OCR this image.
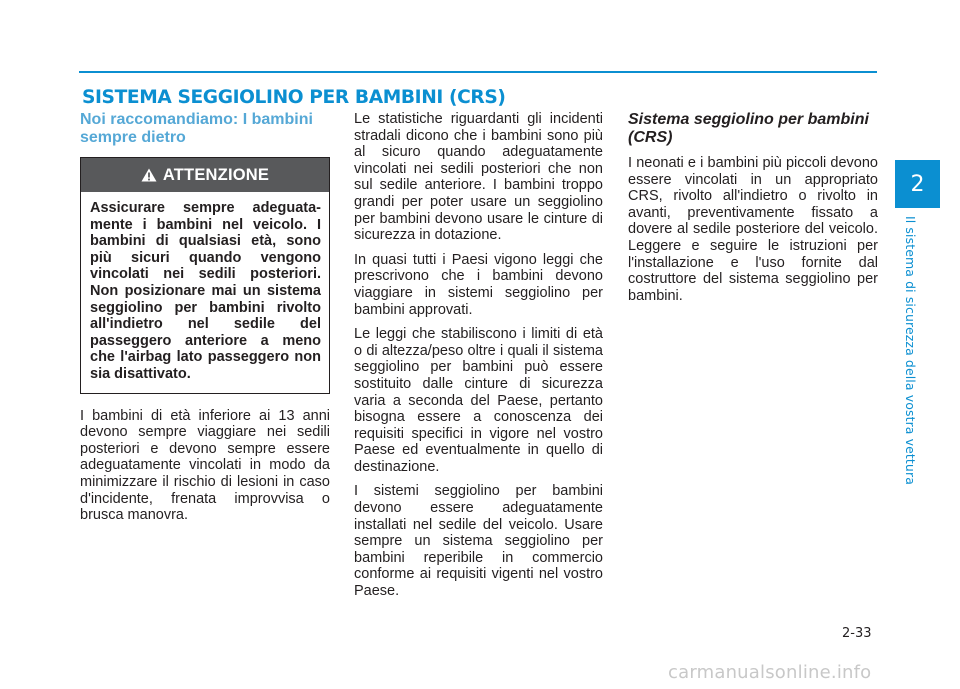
SISTEMA SEGGIOLINO PER BAMBINI (CRS)
Noi raccomandiamo: I bambini sempre dietro
ATTENZIONE
Assicurare sempre adeguata- mente i bambini nel veicolo. I bambini di qualsiasi età, sono più sicuri quando vengono vincolati nei sedili posteriori. Non posizionare mai un sistema seggiolino per bambini rivolto all'indietro nel sedile del passeggero anteriore a meno che l'airbag lato passeggero non sia disattivato.

I bambini di età inferiore ai 13 anni devono sempre viaggiare nei sedili posteriori e devono sempre essere adeguatamente vincolati in modo da minimizzare il rischio di lesioni in caso d'incidente, frenata improvvisa o brusca manovra.

Le statistiche riguardanti gli incidenti stradali dicono che i bambini sono più al sicuro quando adeguatamente vincolati nei sedili posteriori che non sul sedile anteriore. I bambini troppo grandi per poter usare un seggiolino per bambini devono usare le cinture di sicurezza in dotazione.

In quasi tutti i Paesi vigono leggi che prescrivono che i bambini devono viaggiare in sistemi seggiolino per bambini approvati.

Le leggi che stabiliscono i limiti di età o di altezza/peso oltre i quali il sistema seggiolino per bambini può essere sostituito dalle cinture di sicurezza varia a seconda del Paese, pertanto bisogna essere a conoscenza dei requisiti specifici in vigore nel vostro Paese ed eventualmente in quello di destinazione.

I sistemi seggiolino per bambini devono essere adeguatamente installati nel sedile del veicolo. Usare sempre un sistema seggiolino per bambini reperibile in commercio conforme ai requisiti vigenti nel vostro Paese.

Sistema seggiolino per bambini (CRS)

I neonati e i bambini più piccoli devono essere vincolati in un appropriato CRS, rivolto all'indietro o rivolto in avanti, preventivamente fissato a dovere al sedile posteriore del veicolo. Leggere e seguire le istruzioni per l'installazione e l'uso fornite dal costruttore del sistema seggiolino per bambini.

2
Il sistema di sicurezza della vostra vettura
2-33
carmanualsonline.info
